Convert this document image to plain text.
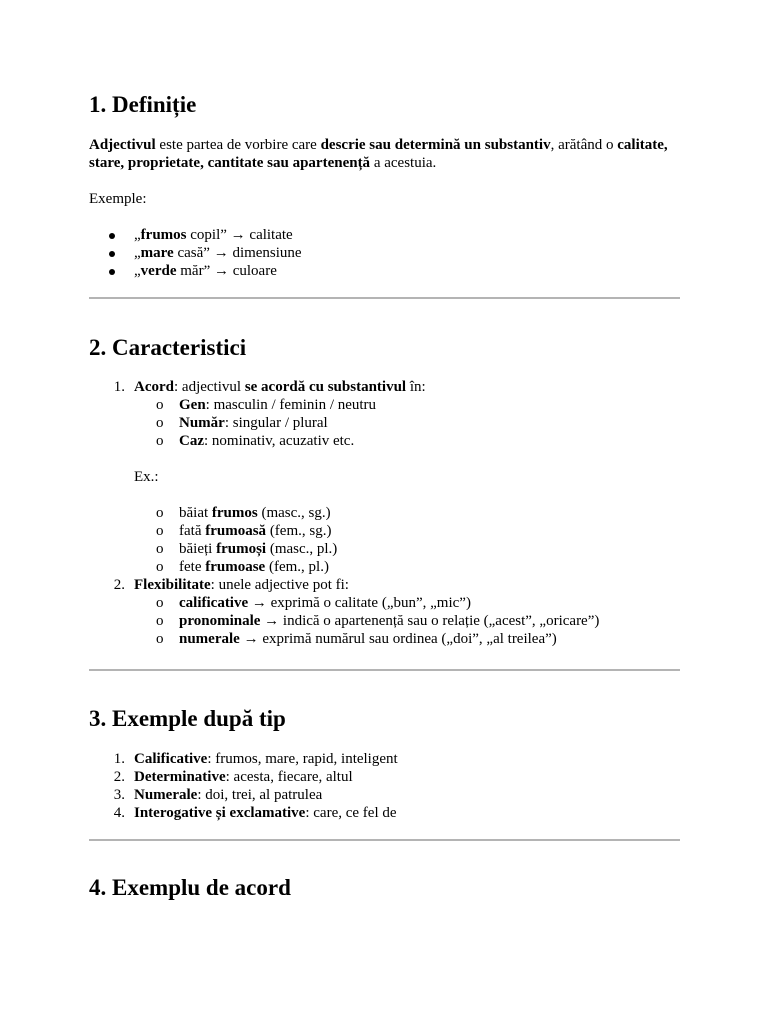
1. Definiție

Adjectivul este partea de vorbire care descrie sau determină un substantiv, arătând o calitate, stare, proprietate, cantitate sau apartenență a acestuia.

Exemple:

„frumos copil” → calitate
„mare casă” → dimensiune
„verde măr” → culoare
2. Caracteristici
1. Acord: adjectivul se acordă cu substantivul în:
o Gen: masculin / feminin / neutru
o Număr: singular / plural
o Caz: nominativ, acuzativ etc.
Ex.:
o băiat frumos (masc., sg.)
o fată frumoasă (fem., sg.)
o băieți frumoși (masc., pl.)
o fete frumoase (fem., pl.)
2. Flexibilitate: unele adjective pot fi:
o calificative → exprimă o calitate („bun”, „mic”)
o pronominale → indică o apartenență sau o relație („acest”, „oricare”)
o numerale → exprimă numărul sau ordinea („doi”, „al treilea”)
3. Exemple după tip
1. Calificative: frumos, mare, rapid, inteligent
2. Determinative: acesta, fiecare, altul
3. Numerale: doi, trei, al patrulea
4. Interogative și exclamative: care, ce fel de
4. Exemplu de acord
